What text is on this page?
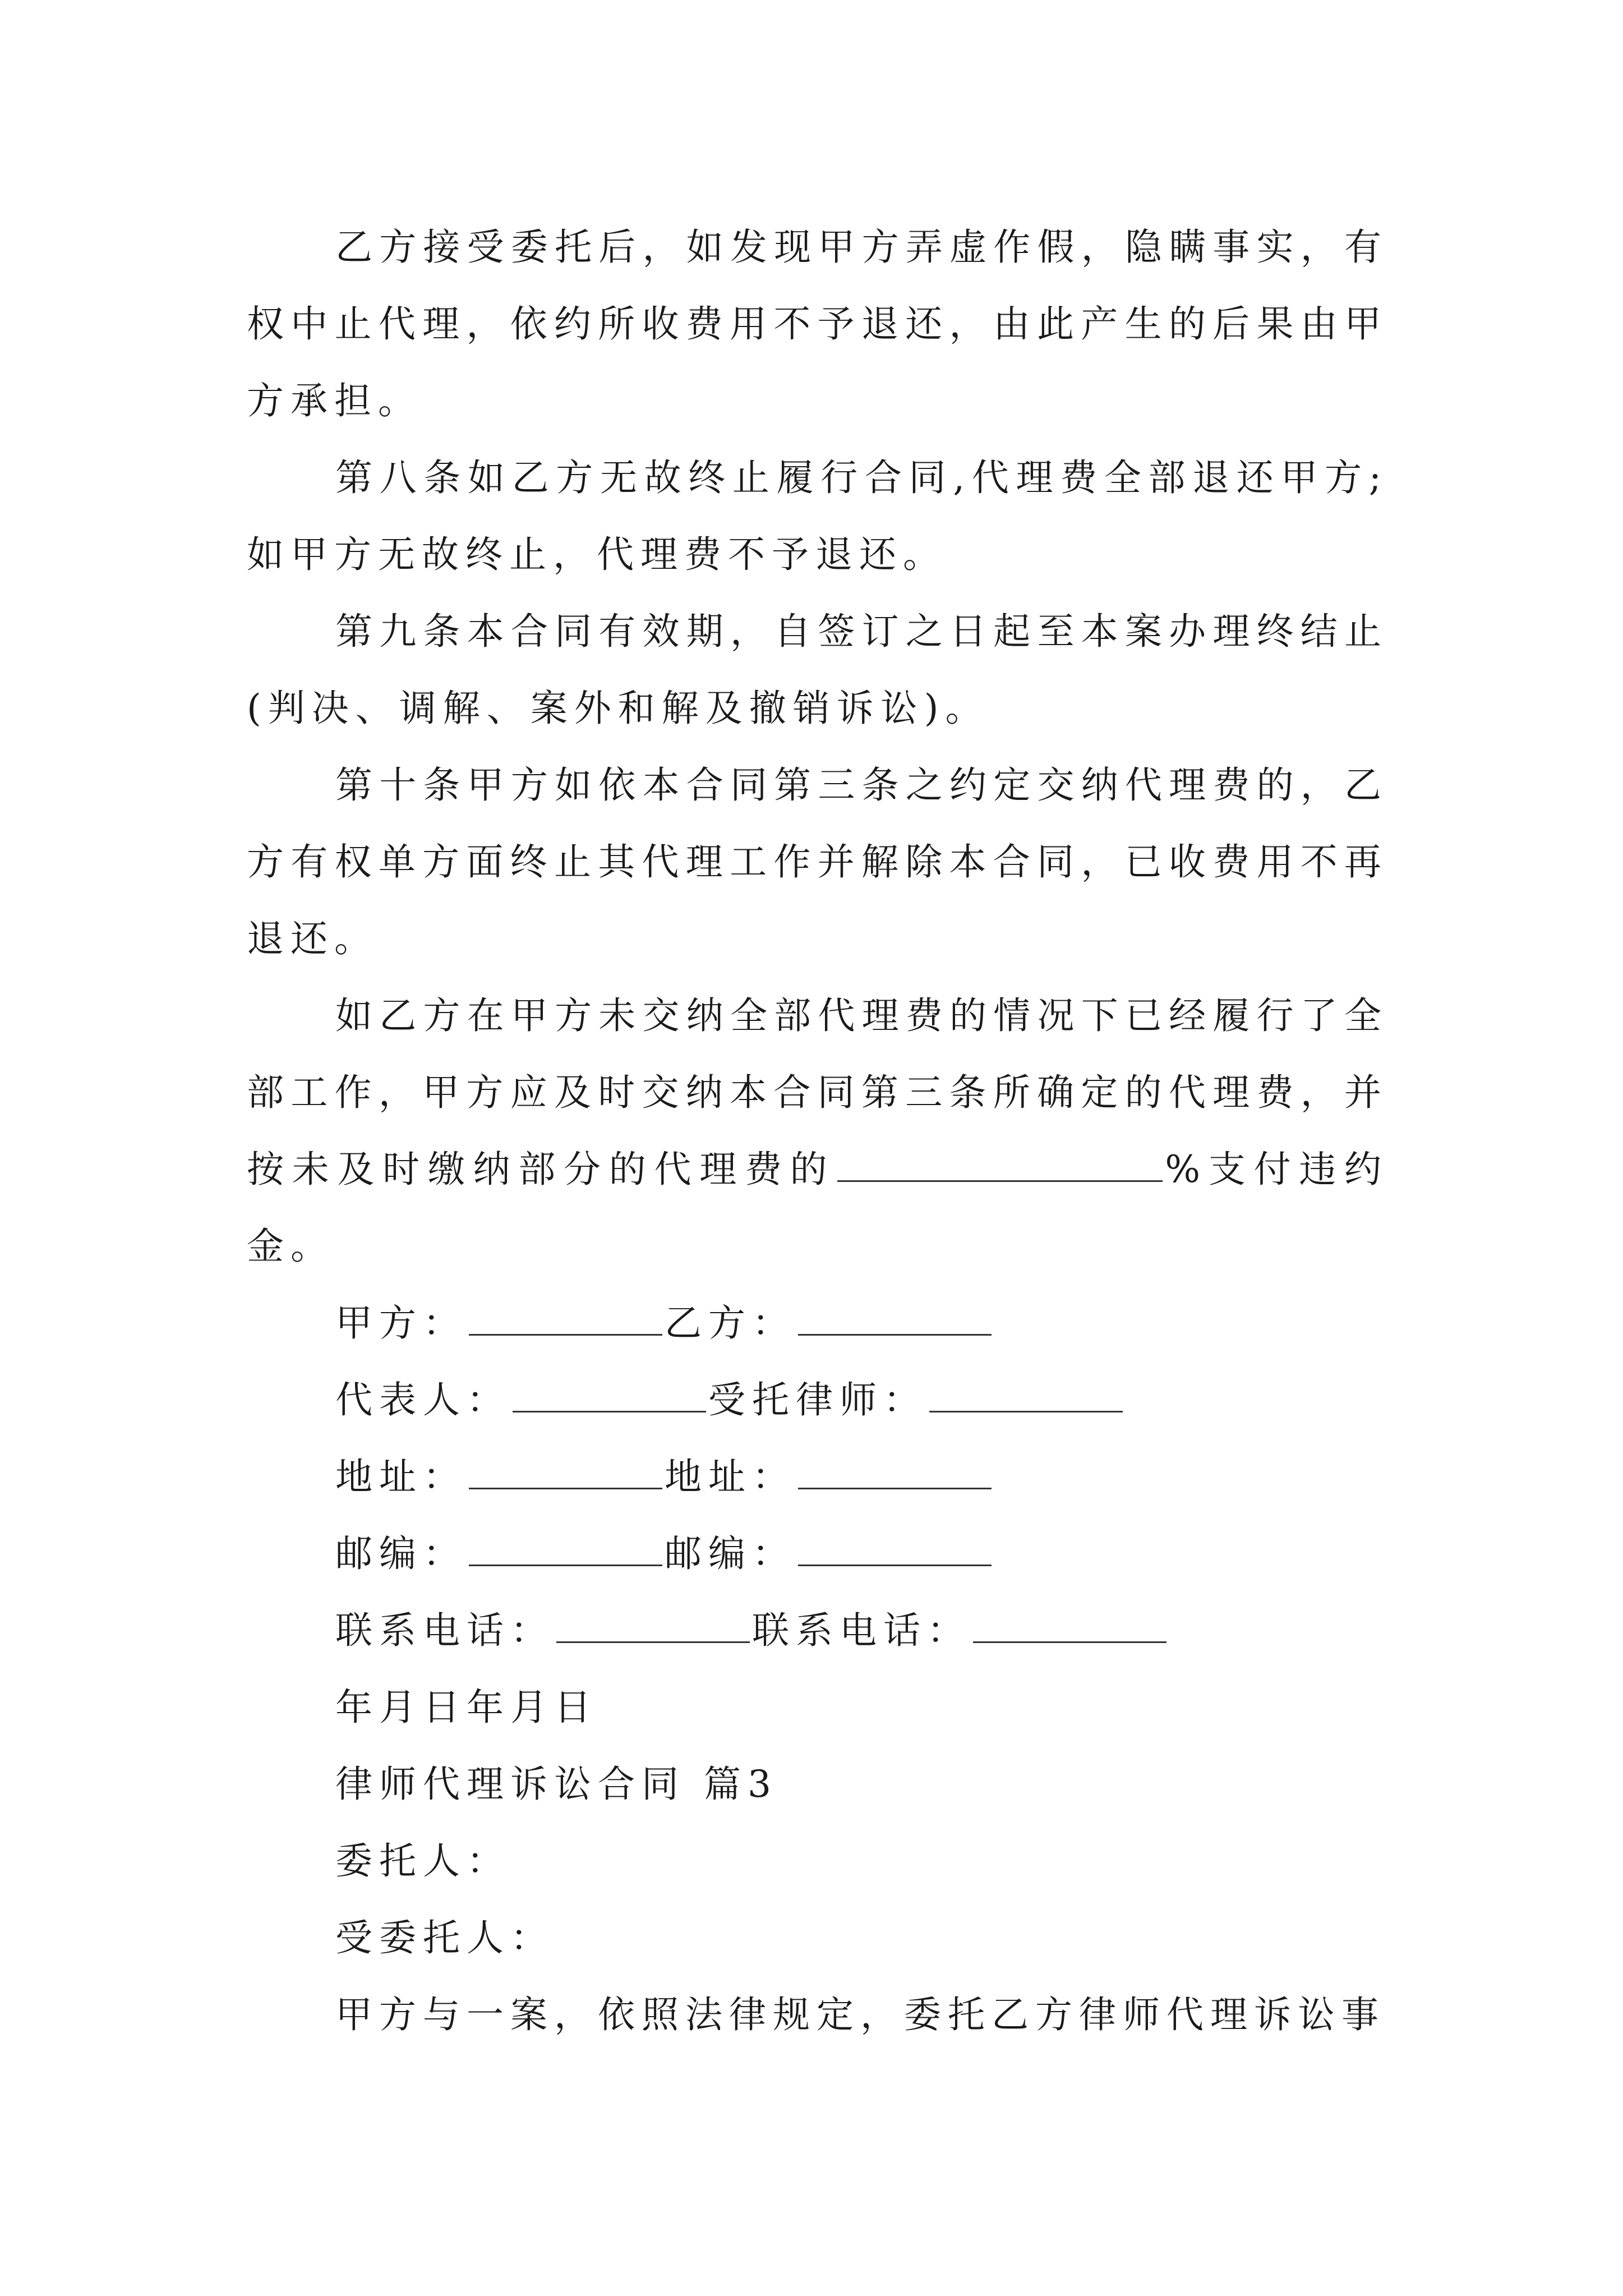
乙方接受委托后，如发现甲方弄虚作假，隐瞒事实，有权中止代理，依约所收费用不予退还，由此产生的后果由甲方承担。

第八条如乙方无故终止履行合同,代理费全部退还甲方;如甲方无故终止，代理费不予退还。

第九条本合同有效期，自签订之日起至本案办理终结止(判决、调解、案外和解及撤销诉讼)。

第十条甲方如依本合同第三条之约定交纳代理费的，乙方有权单方面终止其代理工作并解除本合同，已收费用不再退还。

如乙方在甲方未交纳全部代理费的情况下已经履行了全部工作，甲方应及时交纳本合同第三条所确定的代理费，并按未及时缴纳部分的代理费的	%支付违约金。

甲方：	乙方：

代表人：	受托律师：

地址：	地址：

邮编：	邮编：

联系电话：	联系电话：

年月日年月日

律师代理诉讼合同 篇3

委托人：

受委托人：

甲方与一案，依照法律规定，委托乙方律师代理诉讼事
